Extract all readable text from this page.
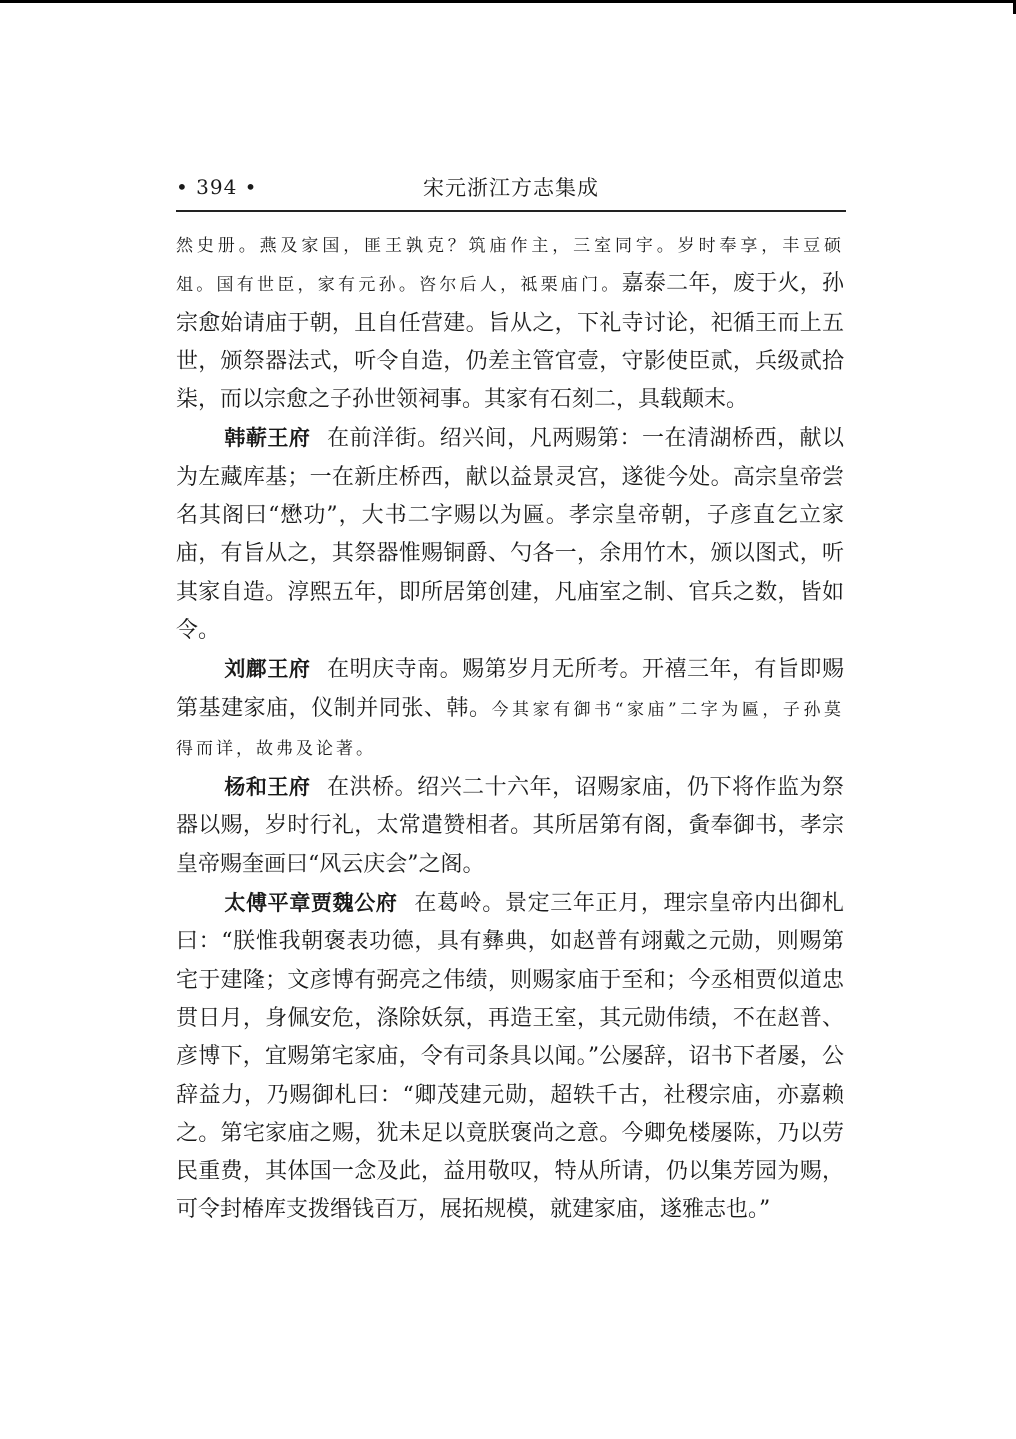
• 394 •	宋元浙江方志集成

然史册。燕及家国，匪王孰克？筑庙作主，三室同宇。岁时奉享，丰豆硕俎。国有世臣，家有元孙。咨尔后人，祗栗庙门。嘉泰二年，废于火，孙宗愈始请庙于朝，且自任营建。旨从之，下礼寺讨论，祀循王而上五世，颁祭器法式，听令自造，仍差主管官壹，守影使臣贰，兵级贰拾柒，而以宗愈之子孙世领祠事。其家有石刻二，具载颠末。

韩蕲王府 在前洋街。绍兴间，凡两赐第：一在清湖桥西，献以为左藏库基；一在新庄桥西，献以益景灵宫，遂徙今处。高宗皇帝尝名其阁曰“懋功”，大书二字赐以为匾。孝宗皇帝朝，子彦直乞立家庙，有旨从之，其祭器惟赐铜爵、勺各一，余用竹木，颁以图式，听其家自造。淳熙五年，即所居第创建，凡庙室之制、官兵之数，皆如令。

刘鄜王府 在明庆寺南。赐第岁月无所考。开禧三年，有旨即赐第基建家庙，仪制并同张、韩。今其家有御书“家庙”二字为匾，子孙莫得而详，故弗及论著。

杨和王府 在洪桥。绍兴二十六年，诏赐家庙，仍下将作监为祭器以赐，岁时行礼，太常遣赞相者。其所居第有阁，夤奉御书，孝宗皇帝赐奎画曰“风云庆会”之阁。

太傅平章贾魏公府 在葛岭。景定三年正月，理宗皇帝内出御札曰：“朕惟我朝褒表功德，具有彝典，如赵普有翊戴之元勋，则赐第宅于建隆；文彦博有弼亮之伟绩，则赐家庙于至和；今丞相贾似道忠贯日月，身佩安危，涤除妖氛，再造王室，其元勋伟绩，不在赵普、彦博下，宜赐第宅家庙，令有司条具以闻。”公屡辞，诏书下者屡，公辞益力，乃赐御札曰：“卿茂建元勋，超轶千古，社稷宗庙，亦嘉赖之。第宅家庙之赐，犹未足以竟朕褒尚之意。今卿免楼屡陈，乃以劳民重费，其体国一念及此，益用敬叹，特从所请，仍以集芳园为赐，可令封椿库支拨缗钱百万，展拓规模，就建家庙，遂雅志也。”
